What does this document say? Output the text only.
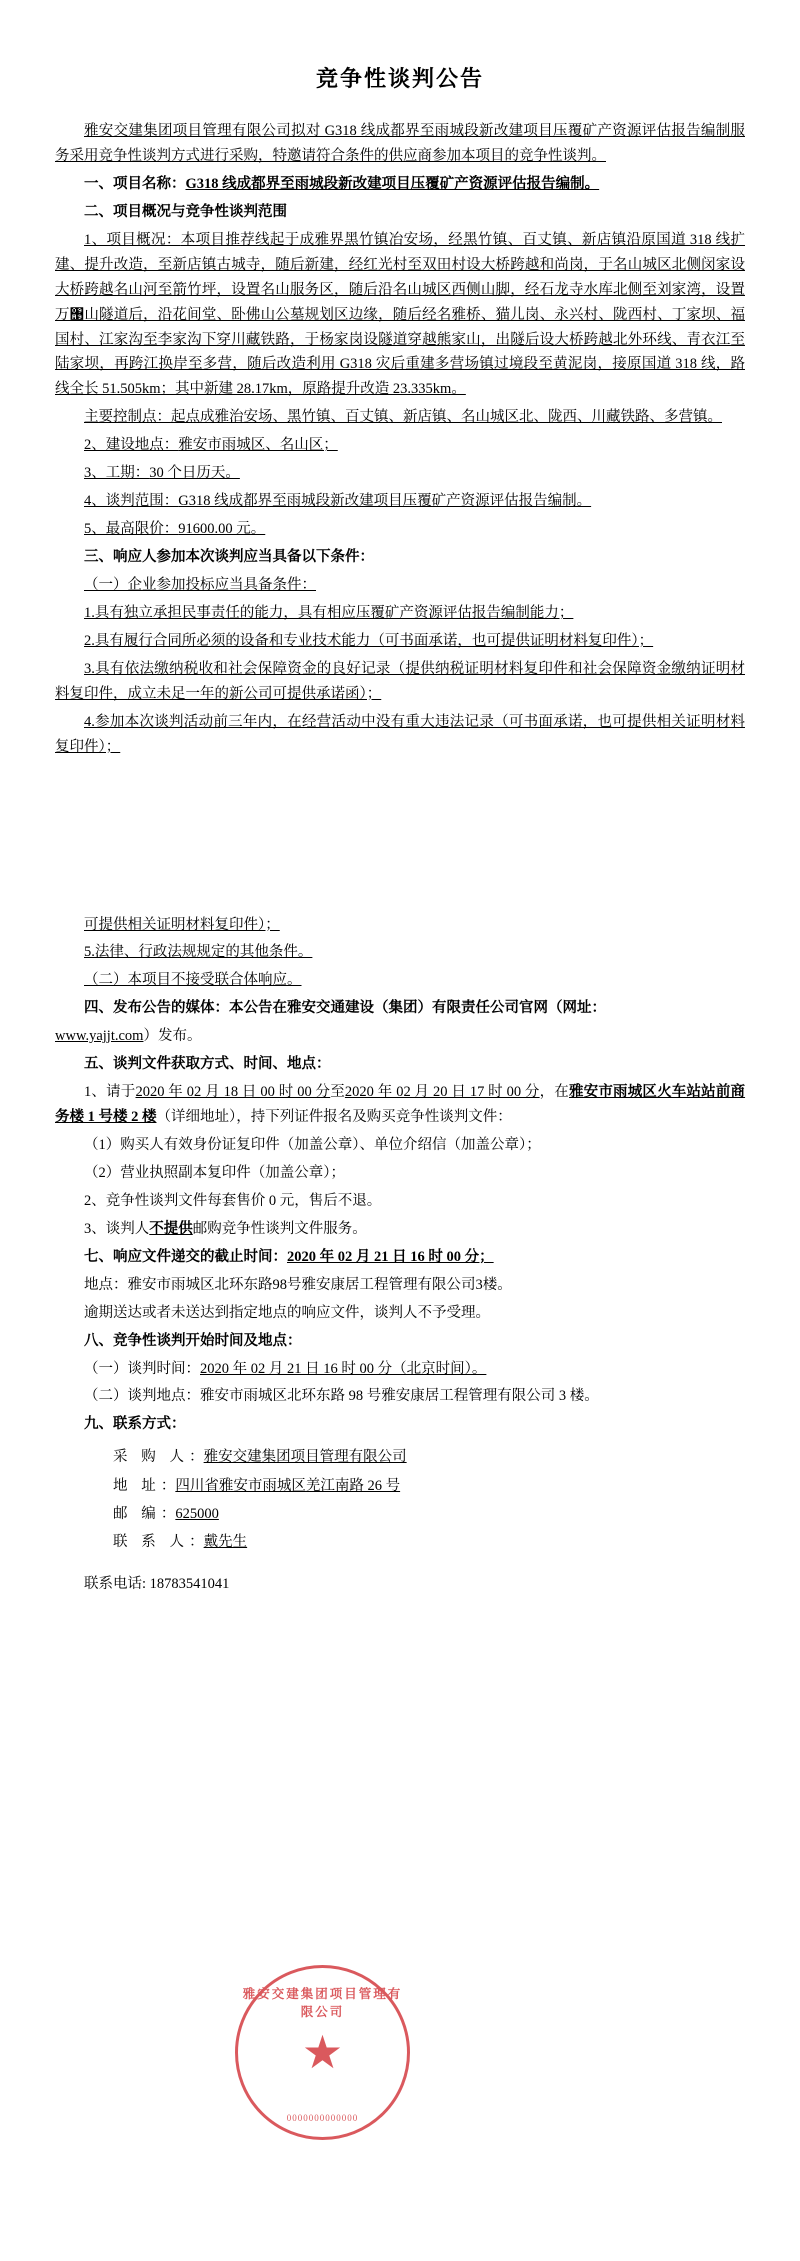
竞争性谈判公告

雅安交建集团项目管理有限公司拟对 G318 线成都界至雨城段新改建项目压覆矿产资源评估报告编制服务采用竞争性谈判方式进行采购，特邀请符合条件的供应商参加本项目的竞争性谈判。

一、项目名称：G318 线成都界至雨城段新改建项目压覆矿产资源评估报告编制。

二、项目概况与竞争性谈判范围

1、项目概况：本项目推荐线起于成雅界黑竹镇冶安场，经黑竹镇、百丈镇、新店镇沿原国道 318 线扩建、提升改造，至新店镇古城寺，随后新建，经红光村至双田村设大桥跨越和尚岗，于名山城区北侧闵家设大桥跨越名山河至箭竹坪，设置名山服务区，随后沿名山城区西侧山脚，经石龙寺水库北侧至刘家湾，设置万঩山隧道后，沿花间堂、卧佛山公墓规划区边缘，随后经名雅桥、猫儿岗、永兴村、陇西村、丁家坝、福国村、江家沟至李家沟下穿川藏铁路，于杨家岗设隧道穿越熊家山，出隧后设大桥跨越北外环线、青衣江至陆家坝，再跨江换岸至多营，随后改造利用 G318 灾后重建多营场镇过境段至黄泥岗，接原国道 318 线，路线全长 51.505km；其中新建 28.17km，原路提升改造 23.335km。

主要控制点：起点成雅治安场、黑竹镇、百丈镇、新店镇、名山城区北、陇西、川藏铁路、多营镇。

2、建设地点：雅安市雨城区、名山区；

3、工期：30 个日历天。

4、谈判范围：G318 线成都界至雨城段新改建项目压覆矿产资源评估报告编制。

5、最高限价：91600.00 元。

三、响应人参加本次谈判应当具备以下条件：

（一）企业参加投标应当具备条件：

1.具有独立承担民事责任的能力，具有相应压覆矿产资源评估报告编制能力；

2.具有履行合同所必须的设备和专业技术能力（可书面承诺，也可提供证明材料复印件）；

3.具有依法缴纳税收和社会保障资金的良好记录（提供纳税证明材料复印件和社会保障资金缴纳证明材料复印件，成立未足一年的新公司可提供承诺函）；

4.参加本次谈判活动前三年内，在经营活动中没有重大违法记录（可书面承诺，也可提供相关证明材料复印件）；

可提供相关证明材料复印件）；

5.法律、行政法规规定的其他条件。

（二）本项目不接受联合体响应。

四、发布公告的媒体：本公告在雅安交通建设（集团）有限责任公司官网（网址：

www.yajjt.com）发布。

五、谈判文件获取方式、时间、地点：

1、请于2020 年 02 月 18 日 00 时 00 分至2020 年 02 月 20 日 17 时 00 分，在雅安市雨城区火车站站前商务楼 1 号楼 2 楼（详细地址），持下列证件报名及购买竞争性谈判文件：

（1）购买人有效身份证复印件（加盖公章）、单位介绍信（加盖公章）；

（2）营业执照副本复印件（加盖公章）；

2、竞争性谈判文件每套售价 0 元，售后不退。

3、谈判人不提供邮购竞争性谈判文件服务。

七、响应文件递交的截止时间：2020 年 02 月 21 日 16 时 00 分；

地点：雅安市雨城区北环东路98号雅安康居工程管理有限公司3楼。

逾期送达或者未送达到指定地点的响应文件，谈判人不予受理。

八、竞争性谈判开始时间及地点：

（一）谈判时间：2020 年 02 月 21 日 16 时 00 分（北京时间）。

（二）谈判地点：雅安市雨城区北环东路 98 号雅安康居工程管理有限公司 3 楼。

九、联系方式：

采 购 人：雅安交建集团项目管理有限公司
地 址：四川省雅安市雨城区羌江南路 26 号
邮 编：625000
联 系 人：戴先生
联系电话: 18783541041
雅安交建集团项目管理有限公司
★
0000000000000
